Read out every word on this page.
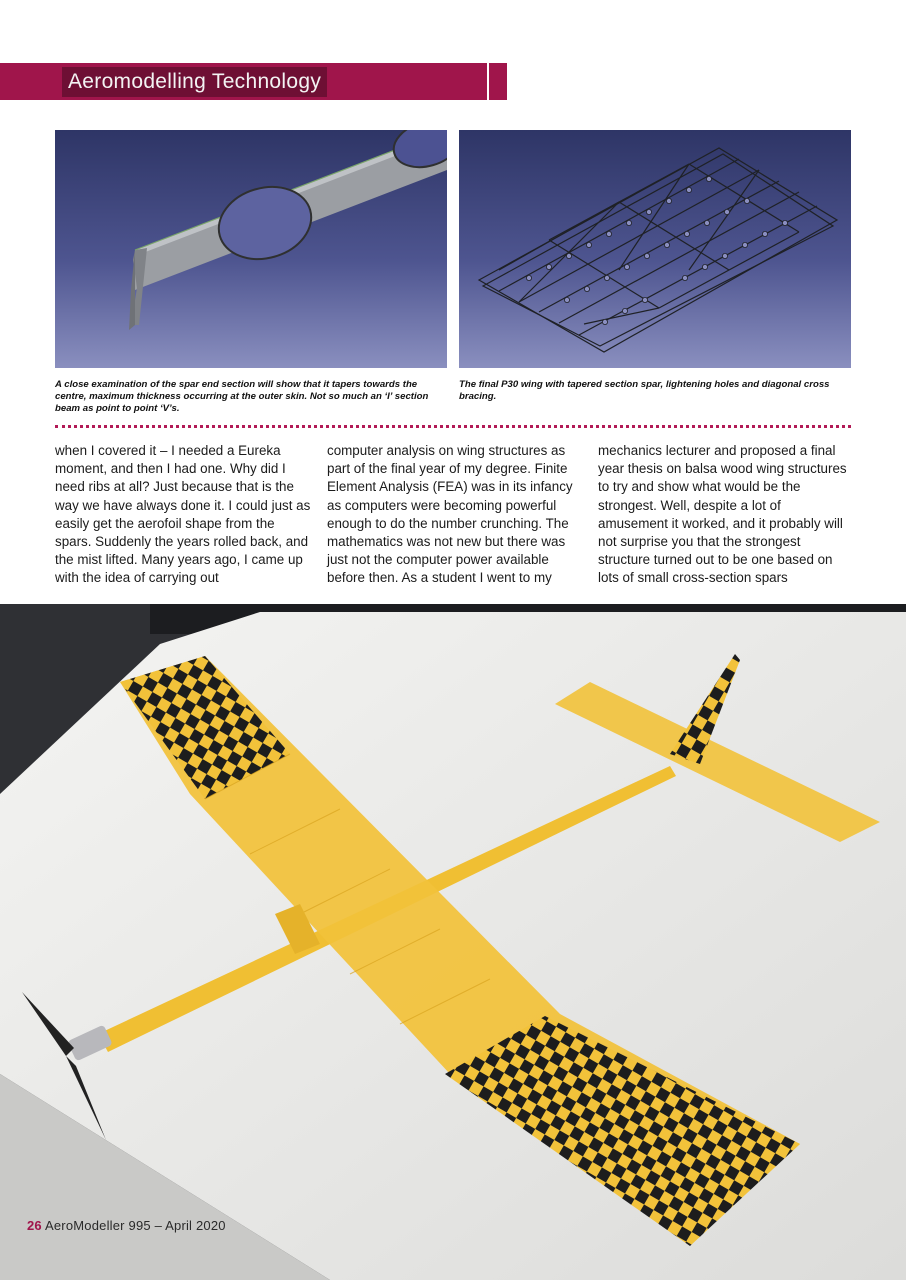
Aeromodelling Technology
A close examination of the spar end section will show that it tapers towards the centre, maximum thickness occurring at the outer skin. Not so much an ‘I’ section beam as point to point ‘V’s.
The final P30 wing with tapered section spar, lightening holes and diagonal cross bracing.
when I covered it – I needed a Eureka moment, and then I had one. Why did I need ribs at all? Just because that is the way we have always done it. I could just as easily get the aerofoil shape from the spars. Suddenly the years rolled back, and the mist lifted. Many years ago, I came up with the idea of carrying out
computer analysis on wing structures as part of the final year of my degree. Finite Element Analysis (FEA) was in its infancy as computers were becoming powerful enough to do the number crunching. The mathematics was not new but there was just not the computer power available before then. As a student I went to my
mechanics lecturer and proposed a final year thesis on balsa wood wing structures to try and show what would be the strongest. Well, despite a lot of amusement it worked, and it probably will not surprise you that the strongest structure turned out to be one based on lots of small cross-section spars
26 AeroModeller 995 – April 2020
